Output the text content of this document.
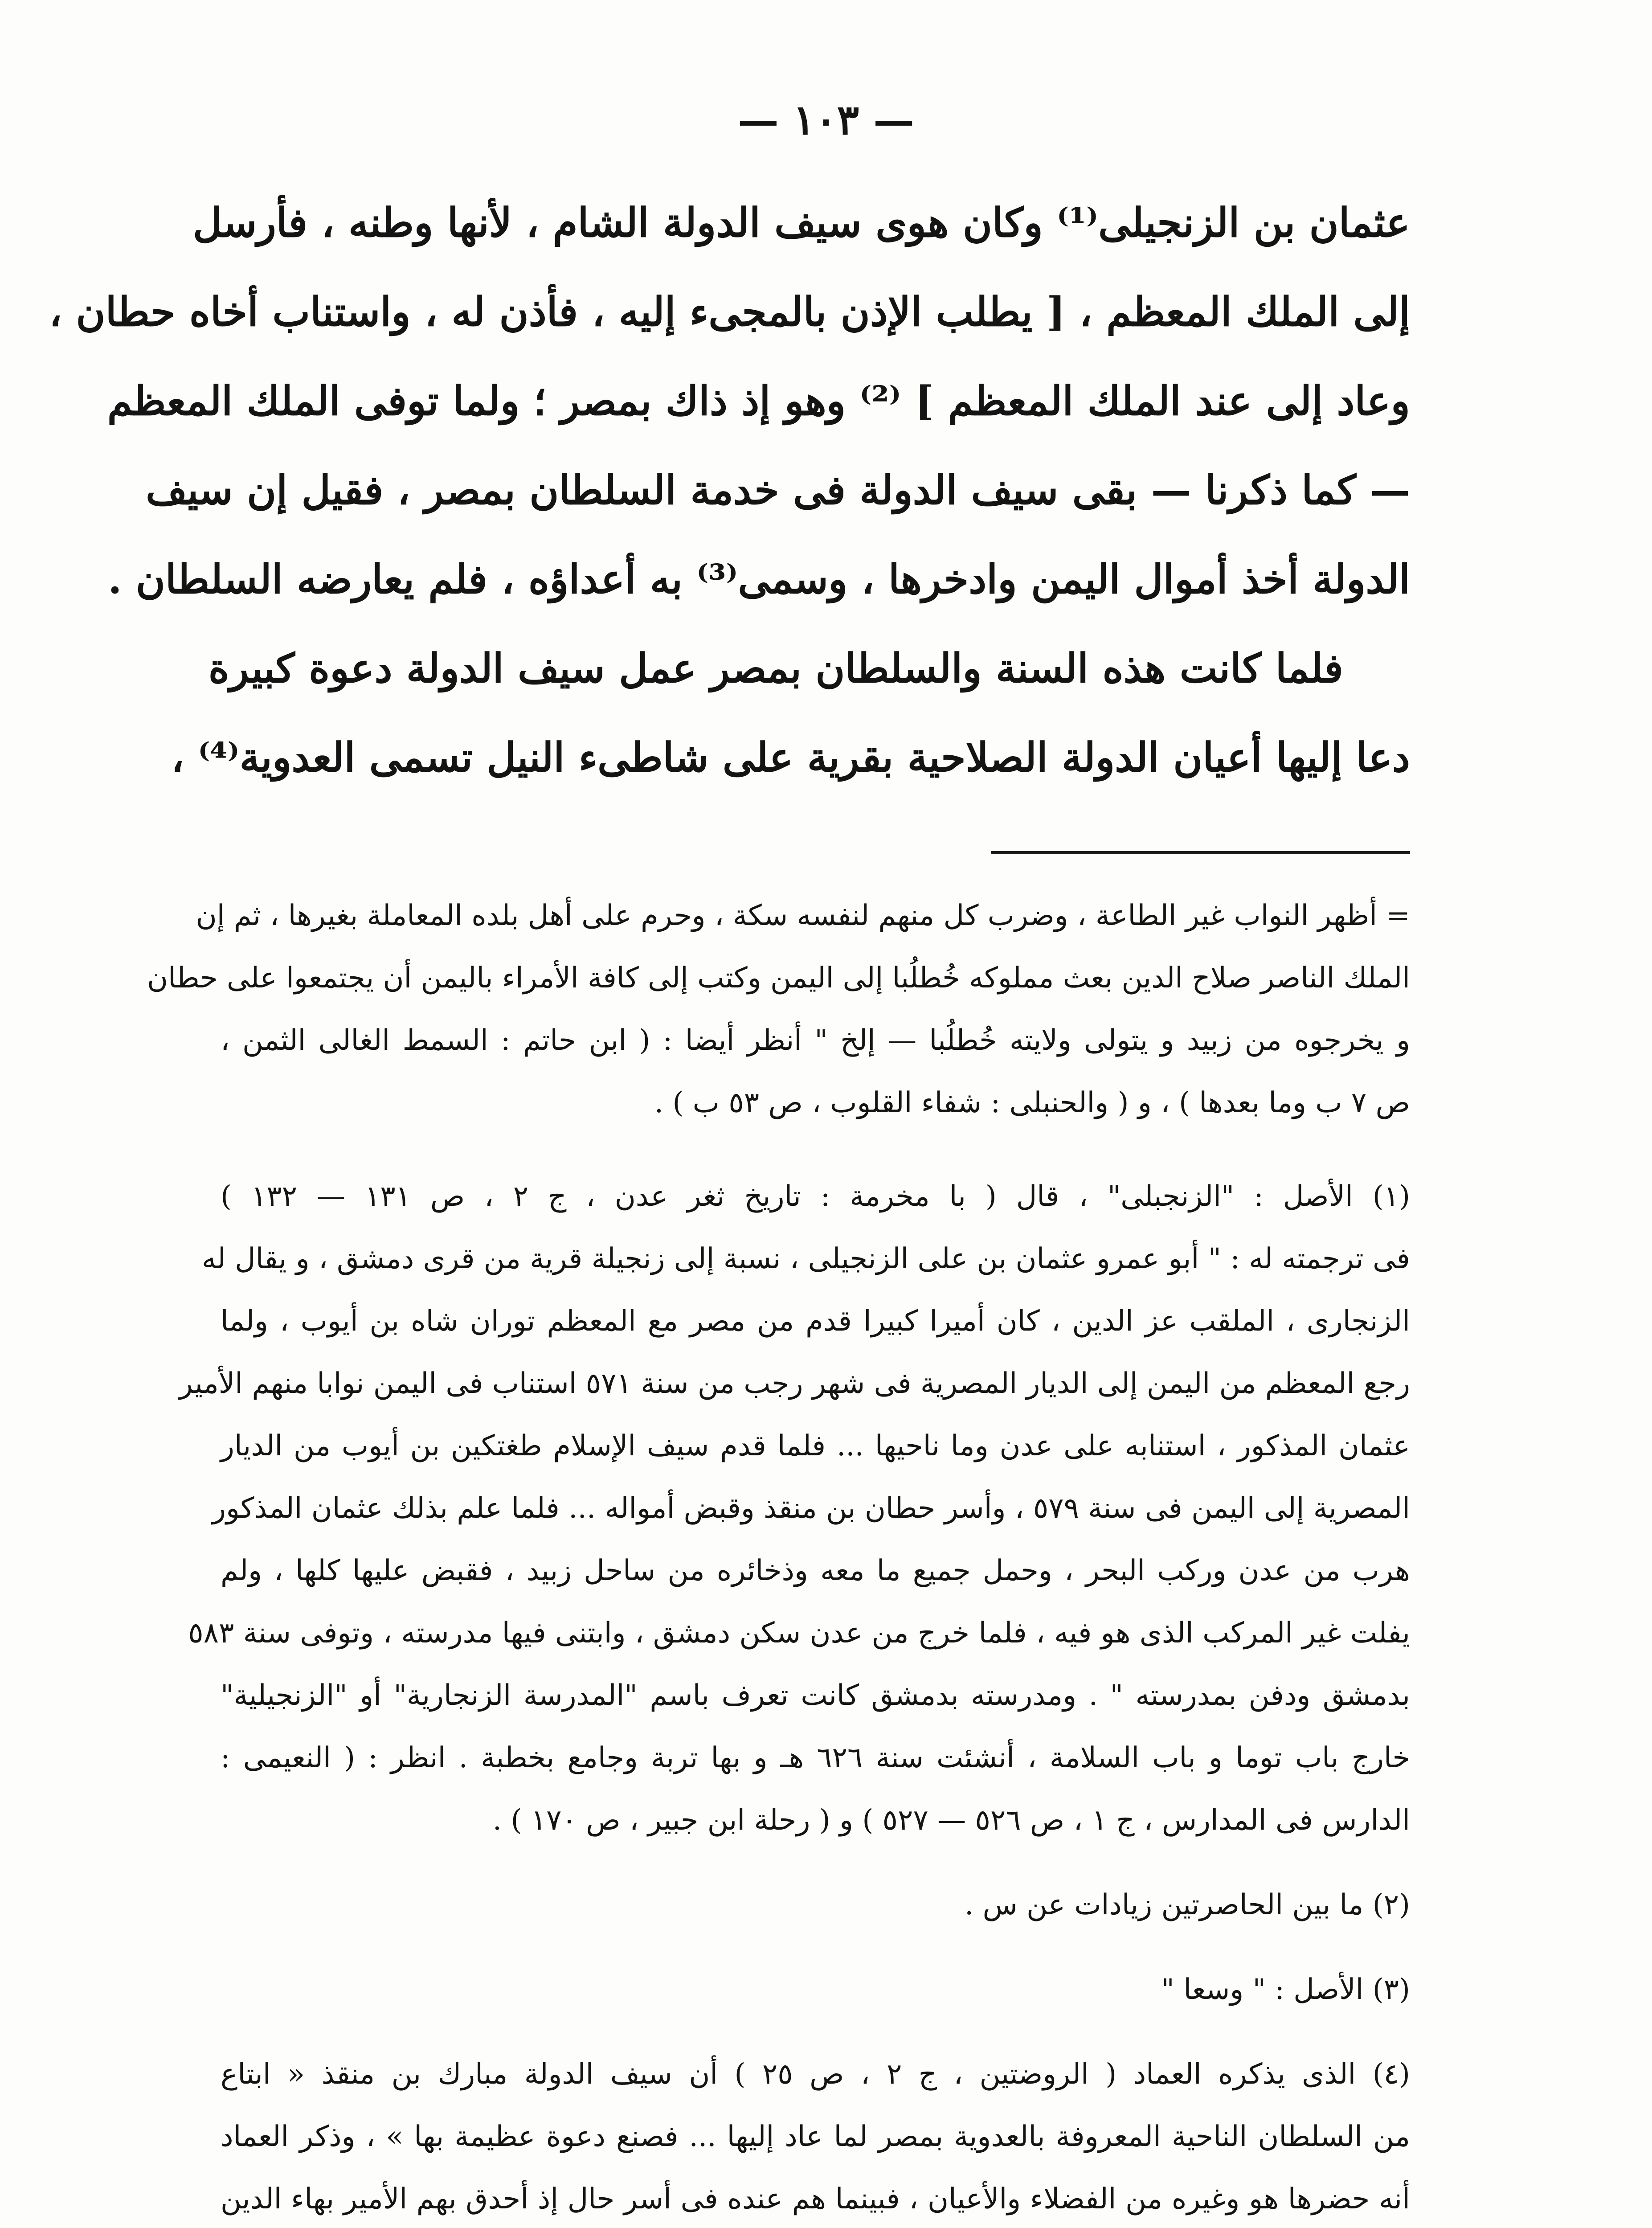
— ١٠٣ —
عثمان بن الزنجيلى⁽¹⁾ وكان هوى سيف الدولة الشام ، لأنها وطنه ، فأرسل
إلى الملك المعظم ، [ يطلب الإذن بالمجىء إليه ، فأذن له ، واستناب أخاه حطان ،
وعاد إلى عند الملك المعظم ] ⁽²⁾ وهو إذ ذاك بمصر ؛ ولما توفى الملك المعظم
— كما ذكرنا — بقى سيف الدولة فى خدمة السلطان بمصر ، فقيل إن سيف
الدولة أخذ أموال اليمن وادخرها ، وسمى⁽³⁾ به أعداؤه ، فلم يعارضه السلطان .
فلما كانت هذه السنة والسلطان بمصر عمل سيف الدولة دعوة كبيرة
دعا إليها أعيان الدولة الصلاحية بقرية على شاطىء النيل تسمى العدوية⁽⁴⁾ ،
= أظهر النواب غير الطاعة ، وضرب كل منهم لنفسه سكة ، وحرم على أهل بلده المعاملة بغيرها ، ثم إن
الملك الناصر صلاح الدين بعث مملوكه خُطلُبا إلى اليمن وكتب إلى كافة الأمراء باليمن أن يجتمعوا على حطان
و يخرجوه من زبيد و يتولى ولايته خُطلُبا — إلخ " أنظر أيضا : ( ابن حاتم : السمط الغالى الثمن ،
ص ٧ ب وما بعدها ) ، و ( والحنبلى : شفاء القلوب ، ص ٥٣ ب ) .
(١) الأصل : "الزنجبلى" ، قال ( با مخرمة : تاريخ ثغر عدن ، ج ٢ ، ص ١٣١ — ١٣٢ )
فى ترجمته له : " أبو عمرو عثمان بن على الزنجيلى ، نسبة إلى زنجيلة قرية من قرى دمشق ، و يقال له
الزنجارى ، الملقب عز الدين ، كان أميرا كبيرا قدم من مصر مع المعظم توران شاه بن أيوب ، ولما
رجع المعظم من اليمن إلى الديار المصرية فى شهر رجب من سنة ٥٧١ استناب فى اليمن نوابا منهم الأمير
عثمان المذكور ، استنابه على عدن وما ناحيها ... فلما قدم سيف الإسلام طغتكين بن أيوب من الديار
المصرية إلى اليمن فى سنة ٥٧٩ ، وأسر حطان بن منقذ وقبض أمواله ... فلما علم بذلك عثمان المذكور
هرب من عدن وركب البحر ، وحمل جميع ما معه وذخائره من ساحل زبيد ، فقبض عليها كلها ، ولم
يفلت غير المركب الذى هو فيه ، فلما خرج من عدن سكن دمشق ، وابتنى فيها مدرسته ، وتوفى سنة ٥٨٣
بدمشق ودفن بمدرسته " . ومدرسته بدمشق كانت تعرف باسم "المدرسة الزنجارية" أو "الزنجيلية"
خارج باب توما و باب السلامة ، أنشئت سنة ٦٢٦ هـ و بها تربة وجامع بخطبة . انظر : ( النعيمى :
الدارس فى المدارس ، ج ١ ، ص ٥٢٦ — ٥٢٧ ) و ( رحلة ابن جبير ، ص ١٧٠ ) .
(٢) ما بين الحاصرتين زيادات عن س .
(٣) الأصل : " وسعا "
(٤) الذى يذكره العماد ( الروضتين ، ج ٢ ، ص ٢٥ ) أن سيف الدولة مبارك بن منقذ « ابتاع
من السلطان الناحية المعروفة بالعدوية بمصر لما عاد إليها ... فصنع دعوة عظيمة بها » ، وذكر العماد
أنه حضرها هو وغيره من الفضلاء والأعيان ، فبينما هم عنده فى أسر حال إذ أحدق بهم الأمير بهاء الدين
